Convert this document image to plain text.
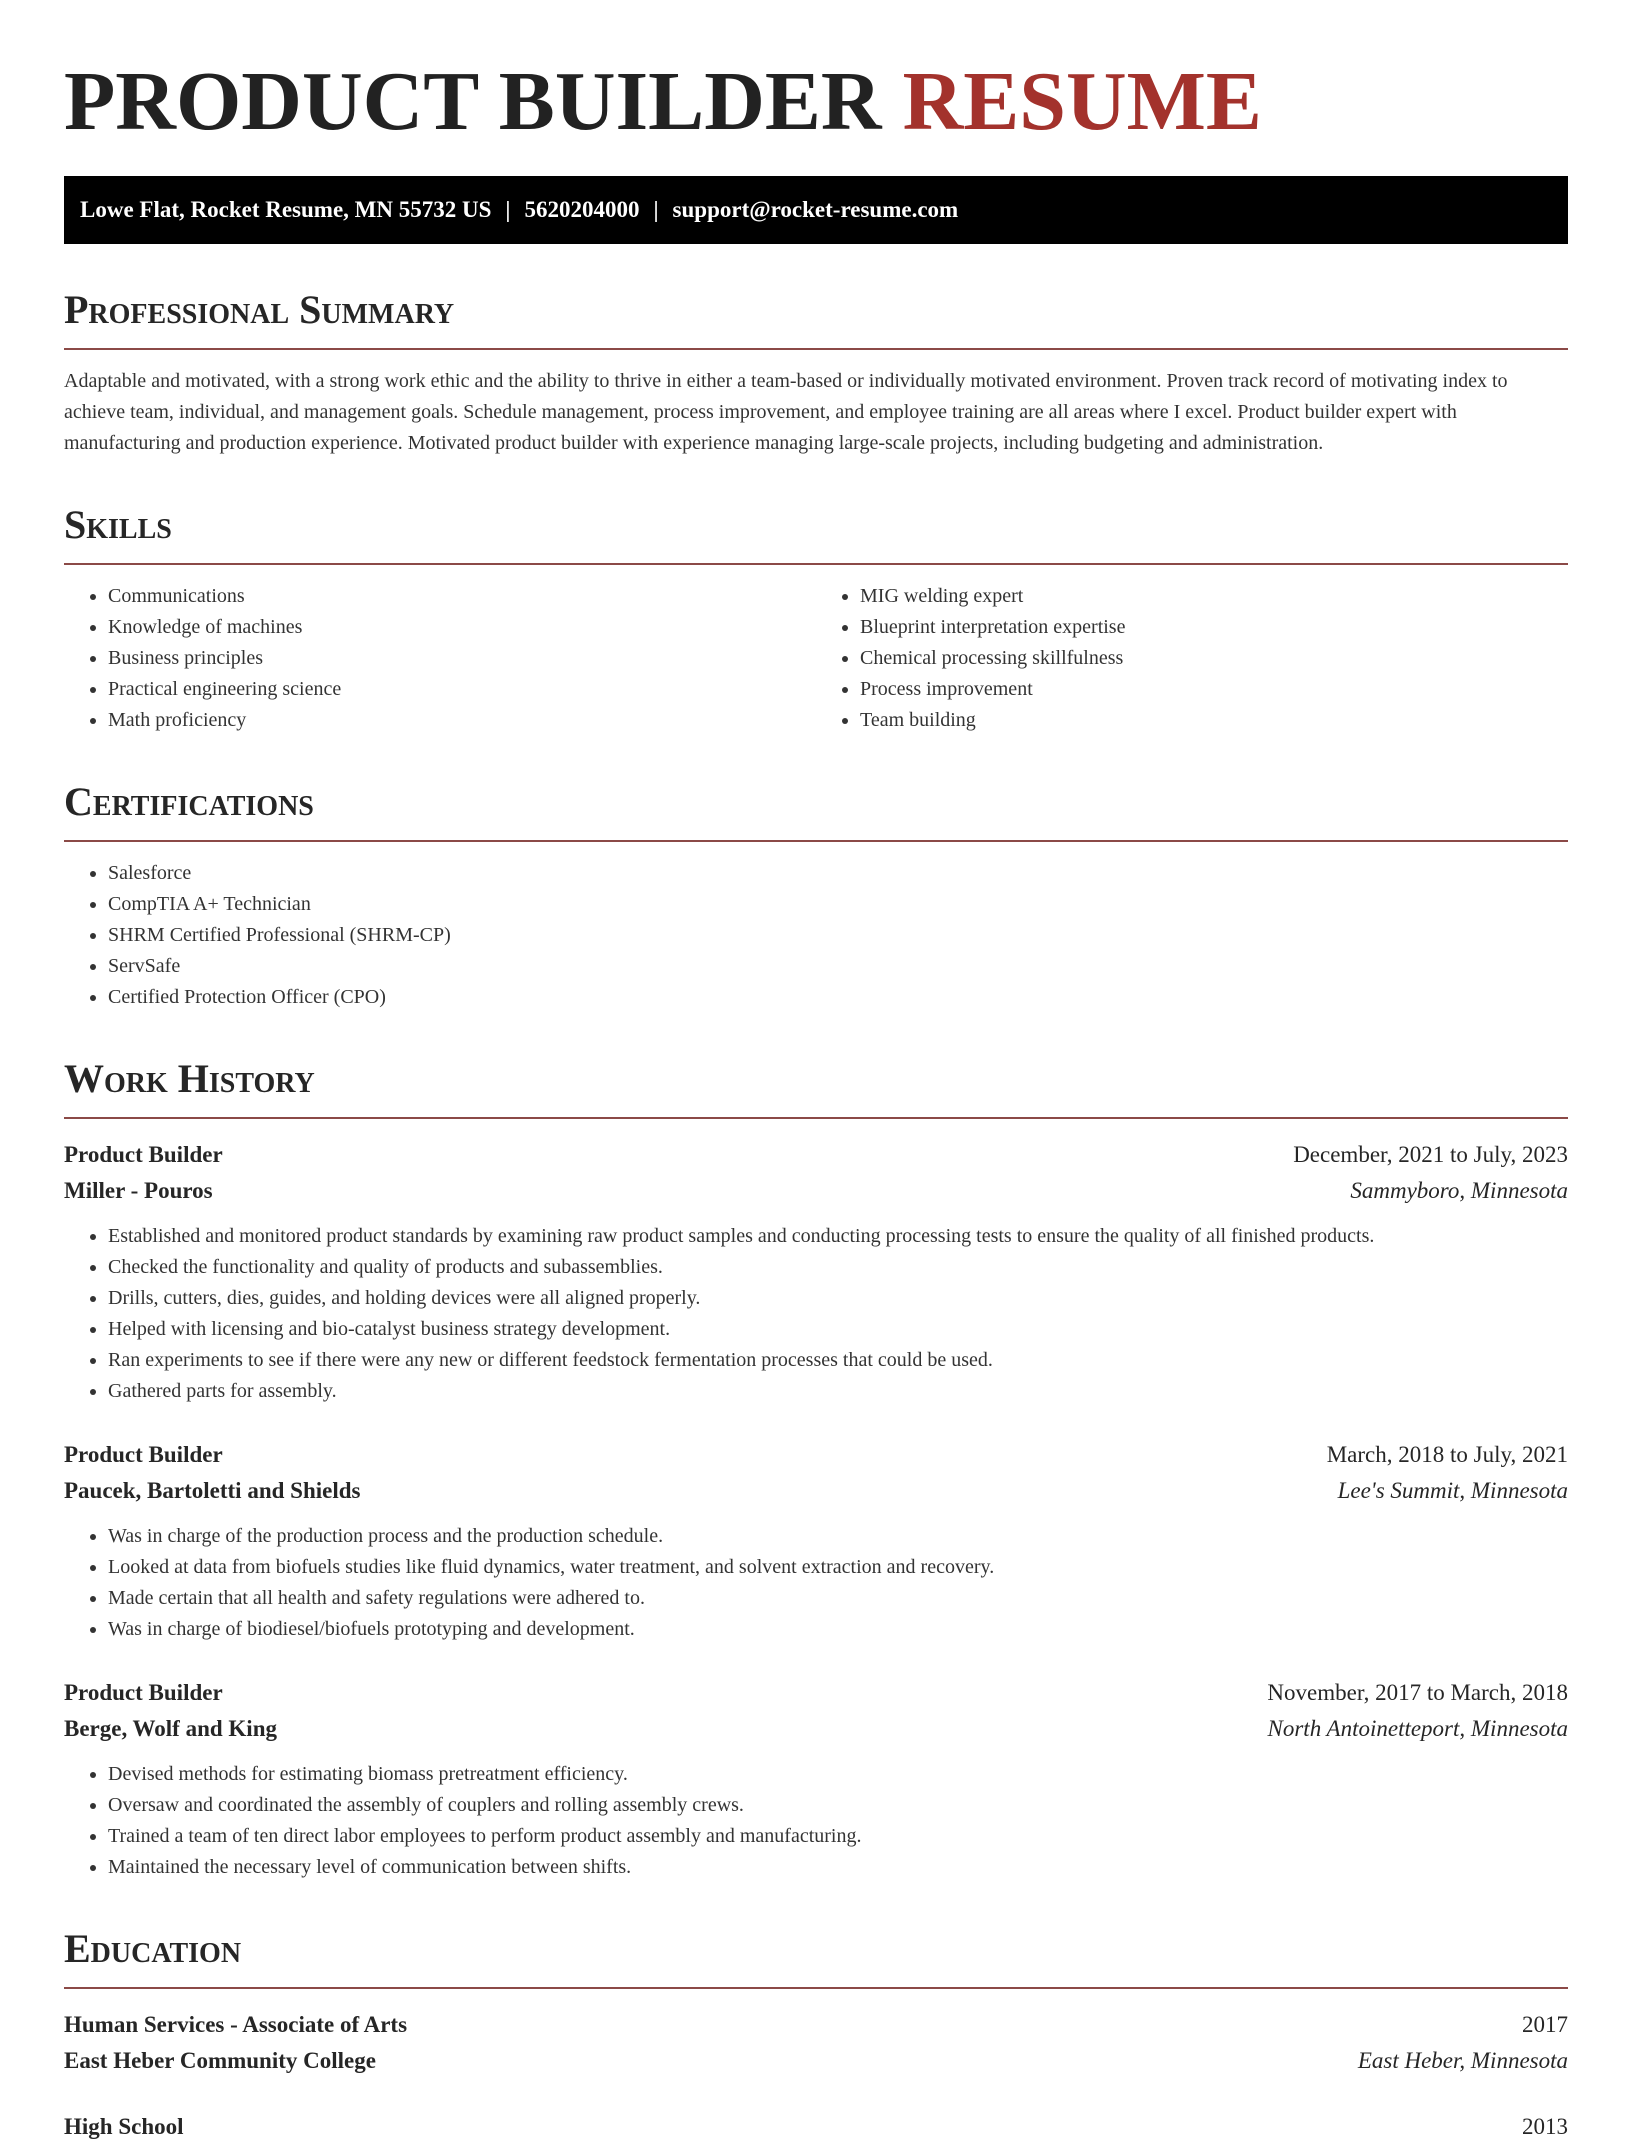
PRODUCT BUILDER RESUME
Lowe Flat, Rocket Resume, MN 55732 US | 5620204000 | support@rocket-resume.com
Professional Summary

Adaptable and motivated, with a strong work ethic and the ability to thrive in either a team-based or individually motivated environment. Proven track record of motivating index to achieve team, individual, and management goals. Schedule management, process improvement, and employee training are all areas where I excel. Product builder expert with manufacturing and production experience. Motivated product builder with experience managing large-scale projects, including budgeting and administration.

Skills
• Communications
• Knowledge of machines
• Business principles
• Practical engineering science
• Math proficiency
• MIG welding expert
• Blueprint interpretation expertise
• Chemical processing skillfulness
• Process improvement
• Team building
Certifications
• Salesforce
• CompTIA A+ Technician
• SHRM Certified Professional (SHRM-CP)
• ServSafe
• Certified Protection Officer (CPO)
Work History
Product Builder	December, 2021 to July, 2023
Miller - Pouros	Sammyboro, Minnesota
• Established and monitored product standards by examining raw product samples and conducting processing tests to ensure the quality of all finished products.
• Checked the functionality and quality of products and subassemblies.
• Drills, cutters, dies, guides, and holding devices were all aligned properly.
• Helped with licensing and bio-catalyst business strategy development.
• Ran experiments to see if there were any new or different feedstock fermentation processes that could be used.
• Gathered parts for assembly.
Product Builder	March, 2018 to July, 2021
Paucek, Bartoletti and Shields	Lee's Summit, Minnesota
• Was in charge of the production process and the production schedule.
• Looked at data from biofuels studies like fluid dynamics, water treatment, and solvent extraction and recovery.
• Made certain that all health and safety regulations were adhered to.
• Was in charge of biodiesel/biofuels prototyping and development.
Product Builder	November, 2017 to March, 2018
Berge, Wolf and King	North Antoinetteport, Minnesota
• Devised methods for estimating biomass pretreatment efficiency.
• Oversaw and coordinated the assembly of couplers and rolling assembly crews.
• Trained a team of ten direct labor employees to perform product assembly and manufacturing.
• Maintained the necessary level of communication between shifts.
Education
Human Services - Associate of Arts	2017
East Heber Community College	East Heber, Minnesota
High School	2013
